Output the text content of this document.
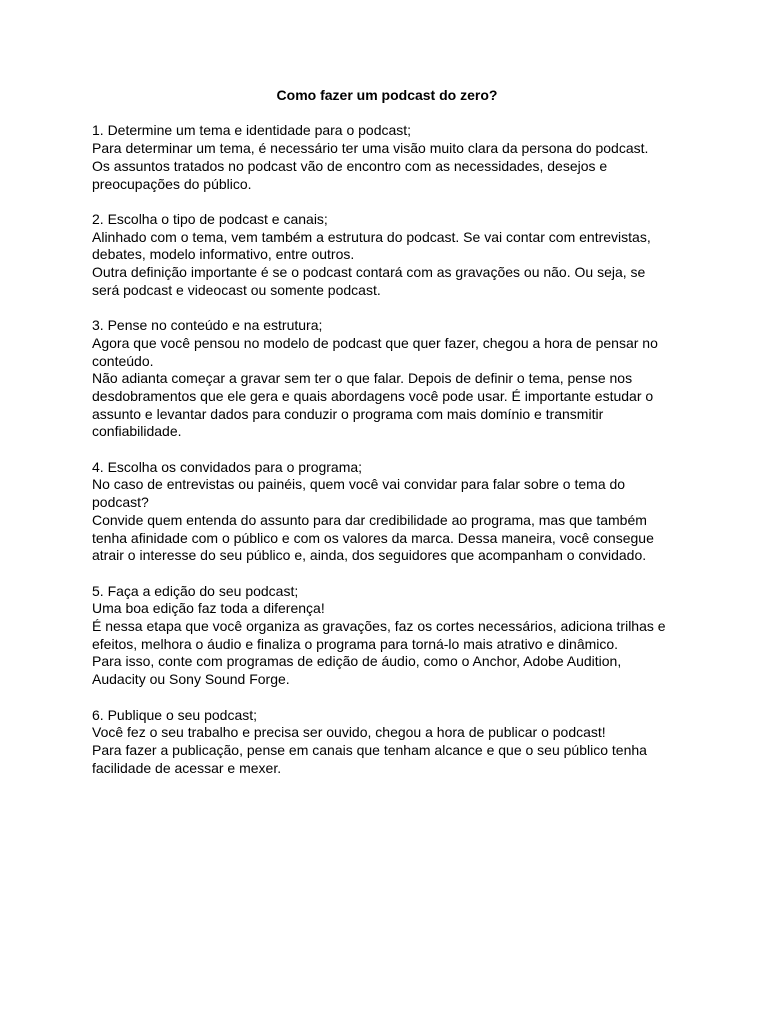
Como fazer um podcast do zero?
1. Determine um tema e identidade para o podcast;
Para determinar um tema, é necessário ter uma visão muito clara da persona do podcast.
Os assuntos tratados no podcast vão de encontro com as necessidades, desejos e
preocupações do público.
2. Escolha o tipo de podcast e canais;
Alinhado com o tema, vem também a estrutura do podcast. Se vai contar com entrevistas,
debates, modelo informativo, entre outros.
Outra definição importante é se o podcast contará com as gravações ou não. Ou seja, se
será podcast e videocast ou somente podcast.
3. Pense no conteúdo e na estrutura;
Agora que você pensou no modelo de podcast que quer fazer, chegou a hora de pensar no
conteúdo.
Não adianta começar a gravar sem ter o que falar. Depois de definir o tema, pense nos
desdobramentos que ele gera e quais abordagens você pode usar. É importante estudar o
assunto e levantar dados para conduzir o programa com mais domínio e transmitir
confiabilidade.
4. Escolha os convidados para o programa;
No caso de entrevistas ou painéis, quem você vai convidar para falar sobre o tema do
podcast?
Convide quem entenda do assunto para dar credibilidade ao programa, mas que também
tenha afinidade com o público e com os valores da marca. Dessa maneira, você consegue
atrair o interesse do seu público e, ainda, dos seguidores que acompanham o convidado.
5. Faça a edição do seu podcast;
Uma boa edição faz toda a diferença!
É nessa etapa que você organiza as gravações, faz os cortes necessários, adiciona trilhas e
efeitos, melhora o áudio e finaliza o programa para torná-lo mais atrativo e dinâmico.
Para isso, conte com programas de edição de áudio, como o Anchor, Adobe Audition,
Audacity ou Sony Sound Forge.
6. Publique o seu podcast;
Você fez o seu trabalho e precisa ser ouvido, chegou a hora de publicar o podcast!
Para fazer a publicação, pense em canais que tenham alcance e que o seu público tenha
facilidade de acessar e mexer.
